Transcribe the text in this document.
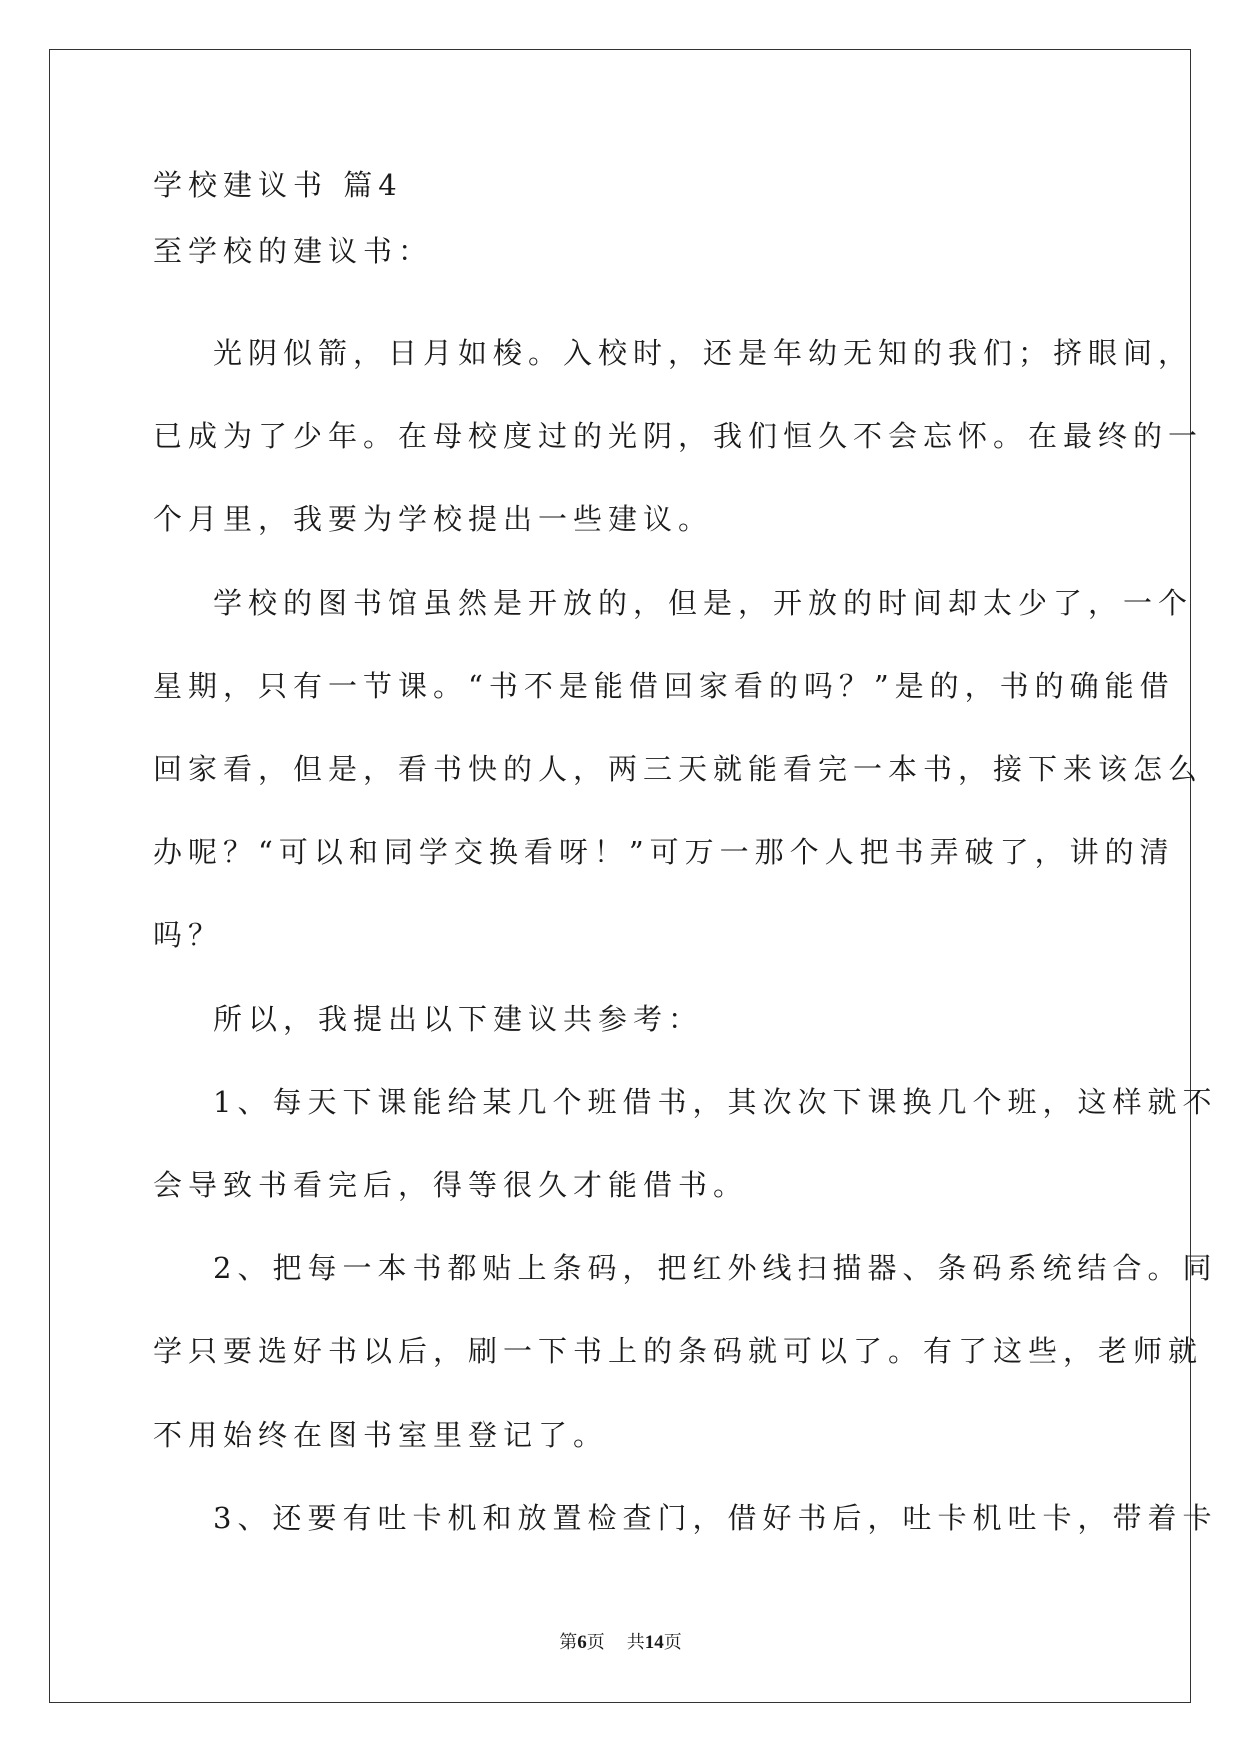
学校建议书 篇4

至学校的建议书：

光阴似箭，日月如梭。入校时，还是年幼无知的我们；挤眼间，

已成为了少年。在母校度过的光阴，我们恒久不会忘怀。在最终的一

个月里，我要为学校提出一些建议。

学校的图书馆虽然是开放的，但是，开放的时间却太少了，一个

星期，只有一节课。“书不是能借回家看的吗？”是的，书的确能借

回家看，但是，看书快的人，两三天就能看完一本书，接下来该怎么

办呢？“可以和同学交换看呀！”可万一那个人把书弄破了，讲的清

吗？

所以，我提出以下建议共参考：

1、每天下课能给某几个班借书，其次次下课换几个班，这样就不

会导致书看完后，得等很久才能借书。

2、把每一本书都贴上条码，把红外线扫描器、条码系统结合。同

学只要选好书以后，刷一下书上的条码就可以了。有了这些，老师就

不用始终在图书室里登记了。

3、还要有吐卡机和放置检查门，借好书后，吐卡机吐卡，带着卡

第6页 共14页
